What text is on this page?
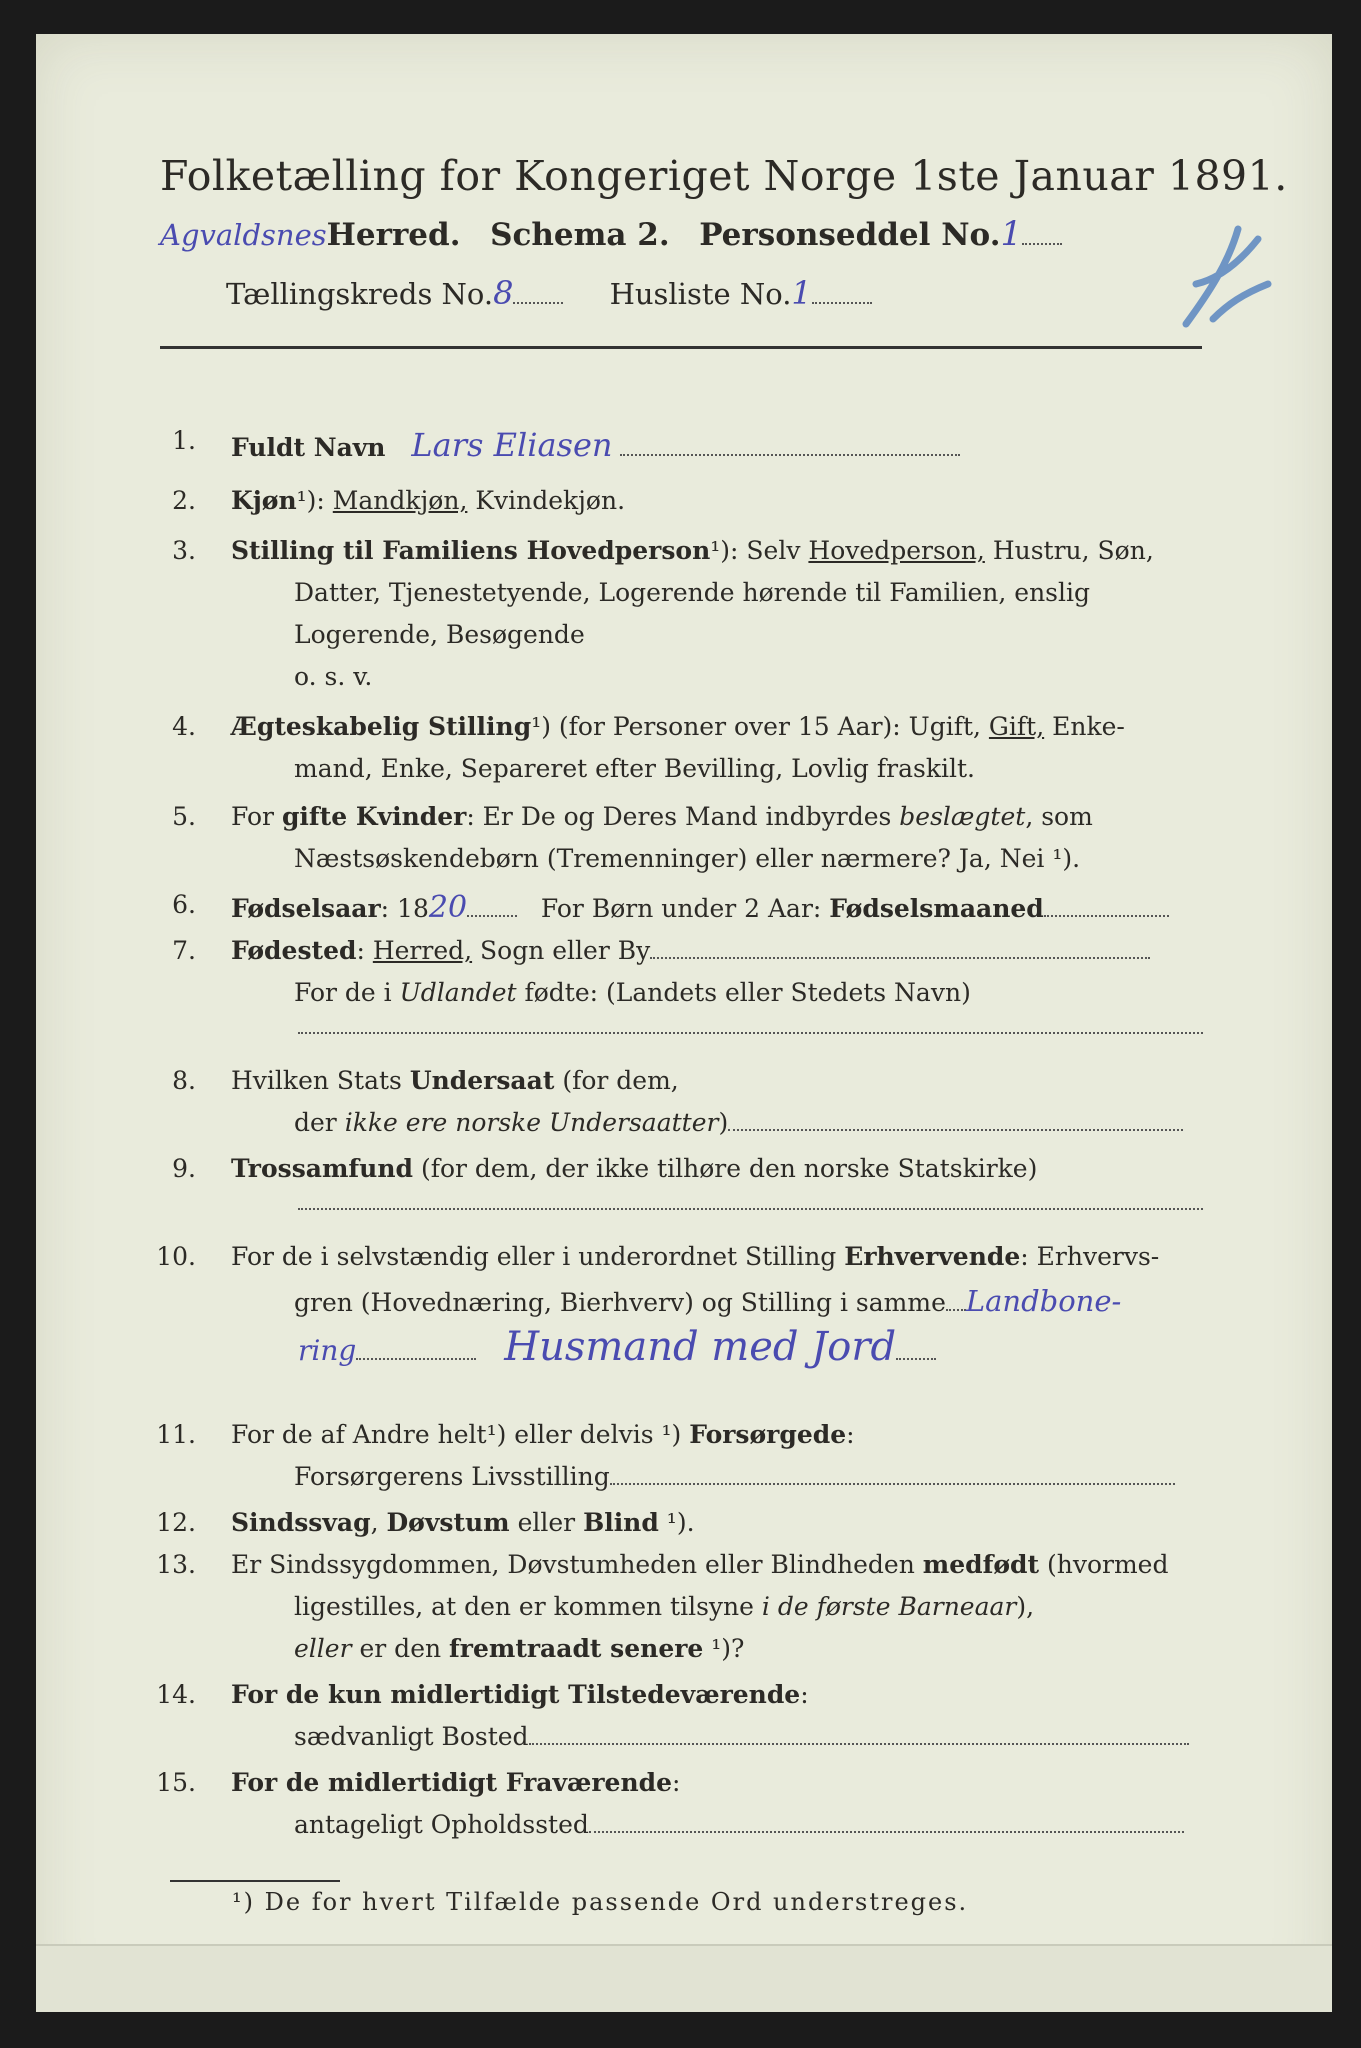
Folketælling for Kongeriget Norge 1ste Januar 1891.
AgvaldsnesHerred. Schema 2. Personseddel No.1
Tællingskreds No.8	Husliste No.1
1. Fuldt Navn Lars Eliasen
2. Kjøn¹): Mandkjøn, Kvindekjøn.
3. Stilling til Familiens Hovedperson¹): Selv Hovedperson, Hustru, Søn,
Datter, Tjenestetyende, Logerende hørende til Familien, enslig
Logerende, Besøgende
o. s. v.
4. Ægteskabelig Stilling¹) (for Personer over 15 Aar): Ugift, Gift, Enke-
mand, Enke, Separeret efter Bevilling, Lovlig fraskilt.
5. For gifte Kvinder: Er De og Deres Mand indbyrdes beslægtet, som
Næstsøskendebørn (Tremenninger) eller nærmere? Ja, Nei ¹).
6. Fødselsaar: 1820	For Børn under 2 Aar: Fødselsmaaned
7. Fødested: Herred, Sogn eller By
For de i Udlandet fødte: (Landets eller Stedets Navn)
8. Hvilken Stats Undersaat (for dem,
der ikke ere norske Undersaatter)
9. Trossamfund (for dem, der ikke tilhøre den norske Statskirke)
10. For de i selvstændig eller i underordnet Stilling Erhvervende: Erhvervs-
gren (Hovednæring, Bierhverv) og Stilling i samme Landbone-
ring	Husmand med Jord
11. For de af Andre helt¹) eller delvis ¹) Forsørgede:
Forsørgerens Livsstilling
12. Sindssvag, Døvstum eller Blind ¹).
13. Er Sindssygdommen, Døvstumheden eller Blindheden medfødt (hvormed
ligestilles, at den er kommen tilsyne i de første Barneaar),
eller er den fremtraadt senere ¹)?
14. For de kun midlertidigt Tilstedeværende:
sædvanligt Bosted
15. For de midlertidigt Fraværende:
antageligt Opholdssted
¹) De for hvert Tilfælde passende Ord understreges.
